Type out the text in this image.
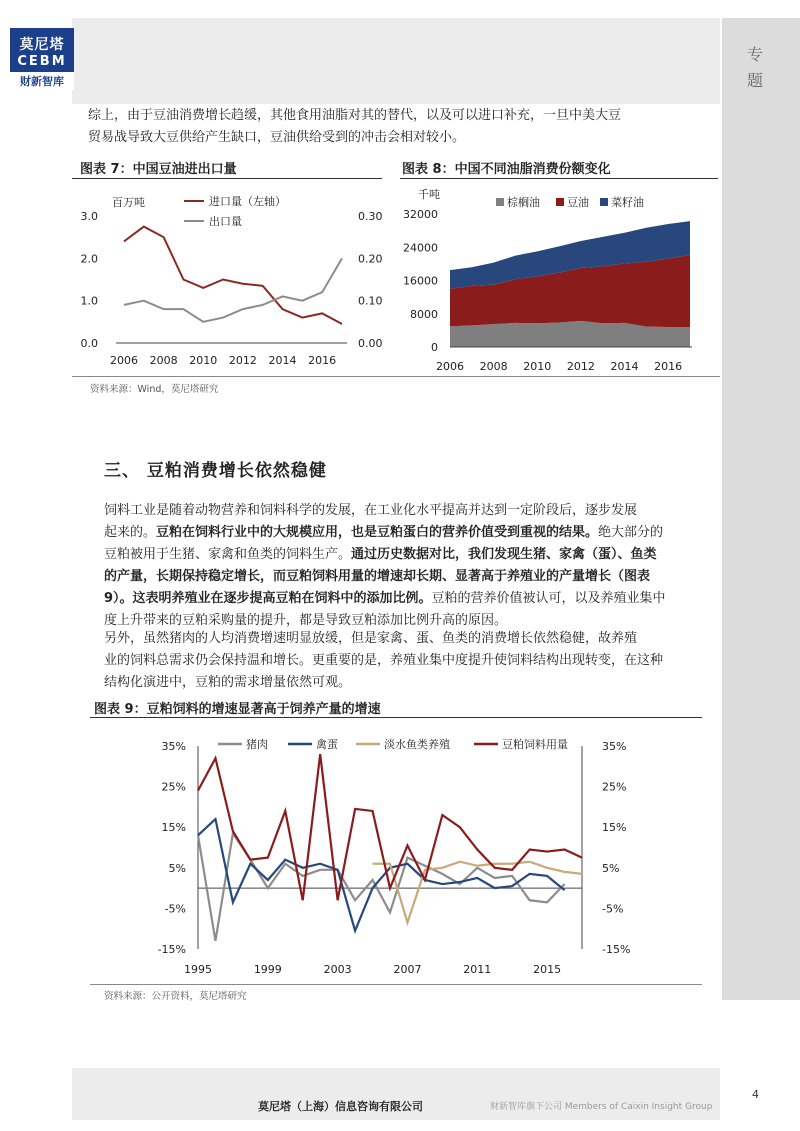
莫尼塔
CEBM
财新智库
专
题
综上，由于豆油消费增长趋缓，其他食用油脂对其的替代，以及可以进口补充，一旦中美大豆
贸易战导致大豆供给产生缺口，豆油供给受到的冲击会相对较小。
图表 7：中国豆油进出口量
百万吨	进口量（左轴）
出口量
3.0
2.0
1.0
0.0
0.30
0.20
0.10
0.00
2006 2008 2010 2012 2014 2016
图表 8：中国不同油脂消费份额变化
千吨
棕榈油 豆油 菜籽油
32000
24000
16000
8000
0
2006 2008 2010 2012 2014 2016
资料来源：Wind，莫尼塔研究
三、 豆粕消费增长依然稳健
饲料工业是随着动物营养和饲料科学的发展，在工业化水平提高并达到一定阶段后，逐步发展
起来的。豆粕在饲料行业中的大规模应用，也是豆粕蛋白的营养价值受到重视的结果。绝大部分的
豆粕被用于生猪、家禽和鱼类的饲料生产。通过历史数据对比，我们发现生猪、家禽（蛋）、鱼类
的产量，长期保持稳定增长，而豆粕饲料用量的增速却长期、显著高于养殖业的产量增长（图表
9）。这表明养殖业在逐步提高豆粕在饲料中的添加比例。豆粕的营养价值被认可，以及养殖业集中
度上升带来的豆粕采购量的提升，都是导致豆粕添加比例升高的原因。
另外，虽然猪肉的人均消费增速明显放缓，但是家禽、蛋、鱼类的消费增长依然稳健，故养殖
业的饲料总需求仍会保持温和增长。更重要的是，养殖业集中度提升使饲料结构出现转变，在这种
结构化演进中，豆粕的需求增量依然可观。
图表 9：豆粕饲料的增速显著高于饲养产量的增速
猪肉	禽蛋	淡水鱼类养殖	豆粕饲料用量
35%	35%
25%	25%
15%	15%
5%	5%
-5%	-5%
-15%	-15%
1995	1999	2003	2007	2011	2015
资料来源：公开资料，莫尼塔研究
莫尼塔（上海）信息咨询有限公司	财新智库旗下公司 Members of Caixin Insight Group
4
